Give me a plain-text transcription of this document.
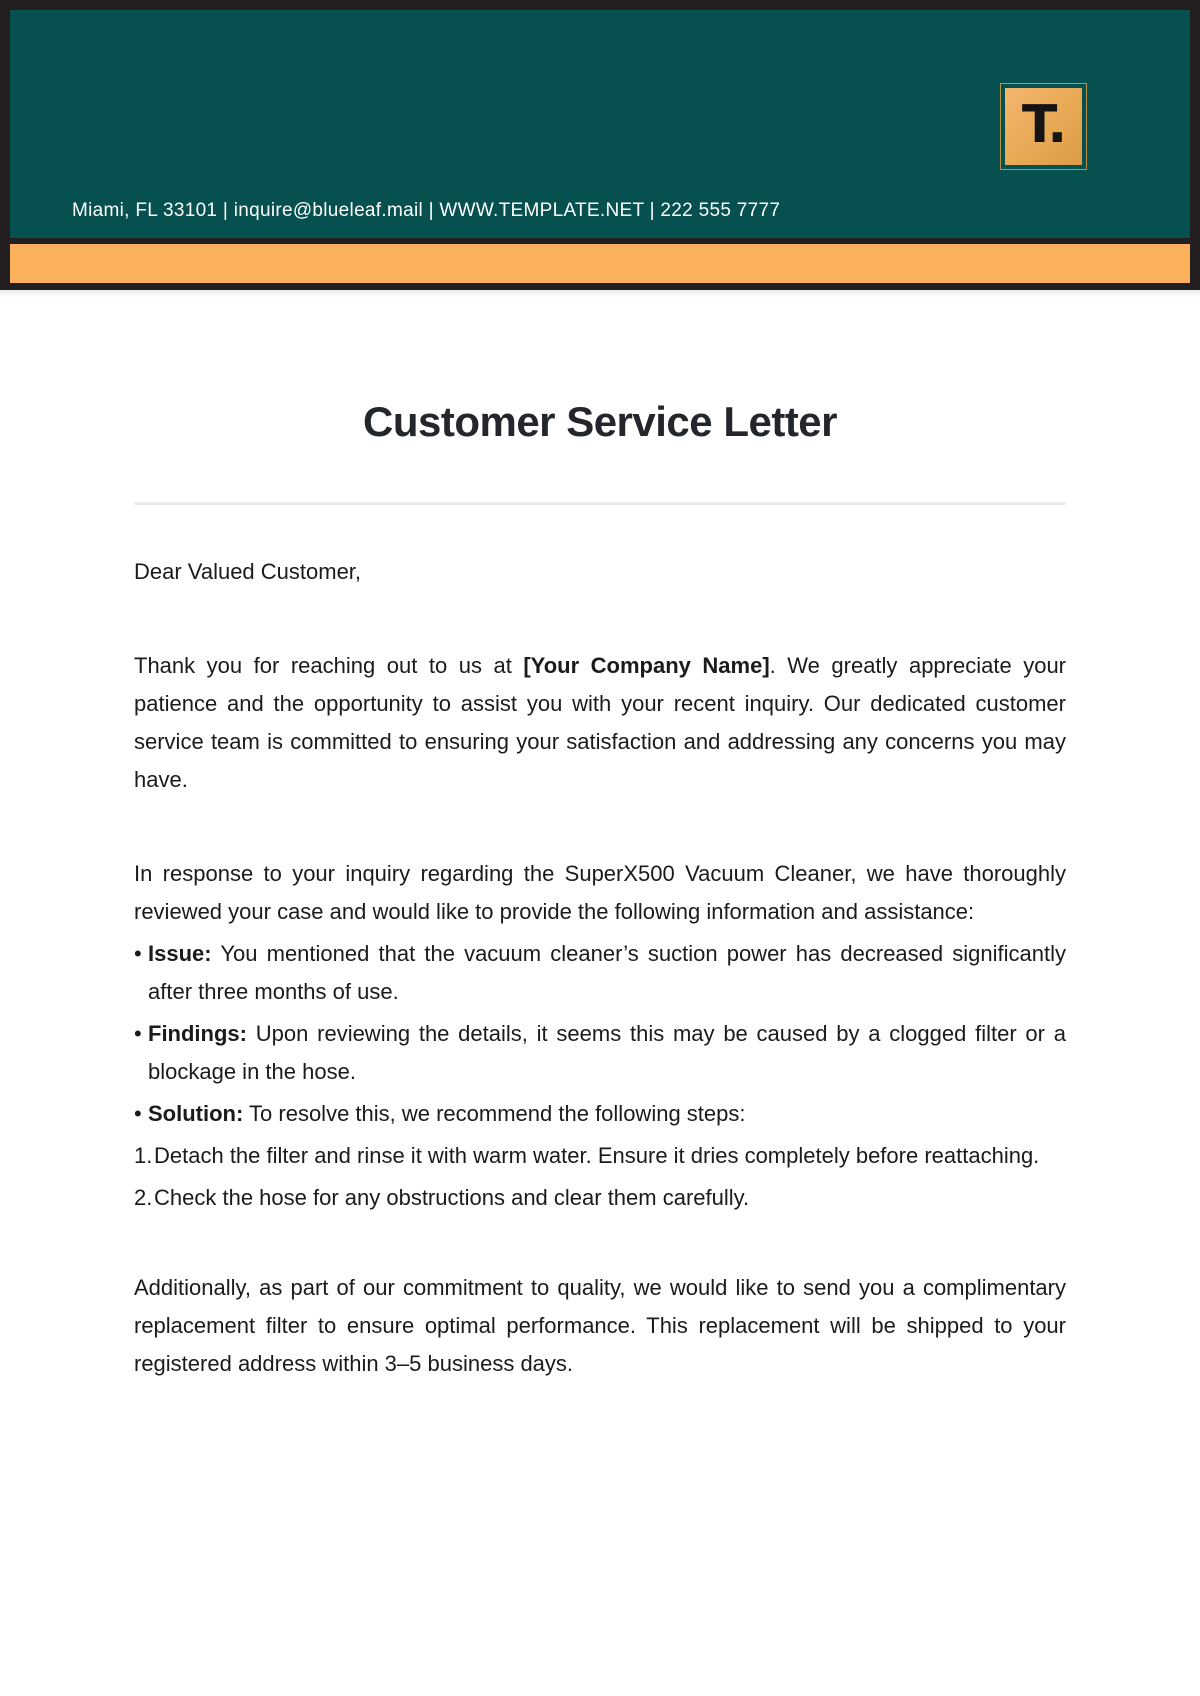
T.
Miami, FL 33101 | inquire@blueleaf.mail | WWW.TEMPLATE.NET | 222 555 7777
Customer Service Letter

Dear Valued Customer,

Thank you for reaching out to us at [Your Company Name]. We greatly appreciate your patience and the opportunity to assist you with your recent inquiry. Our dedicated customer service team is committed to ensuring your satisfaction and addressing any concerns you may have.

In response to your inquiry regarding the SuperX500 Vacuum Cleaner, we have thoroughly reviewed your case and would like to provide the following information and assistance:

• Issue: You mentioned that the vacuum cleaner’s suction power has decreased significantly after three months of use.
• Findings: Upon reviewing the details, it seems this may be caused by a clogged filter or a blockage in the hose.
• Solution: To resolve this, we recommend the following steps:
1. Detach the filter and rinse it with warm water. Ensure it dries completely before reattaching.
2. Check the hose for any obstructions and clear them carefully.

Additionally, as part of our commitment to quality, we would like to send you a complimentary replacement filter to ensure optimal performance. This replacement will be shipped to your registered address within 3–5 business days.
